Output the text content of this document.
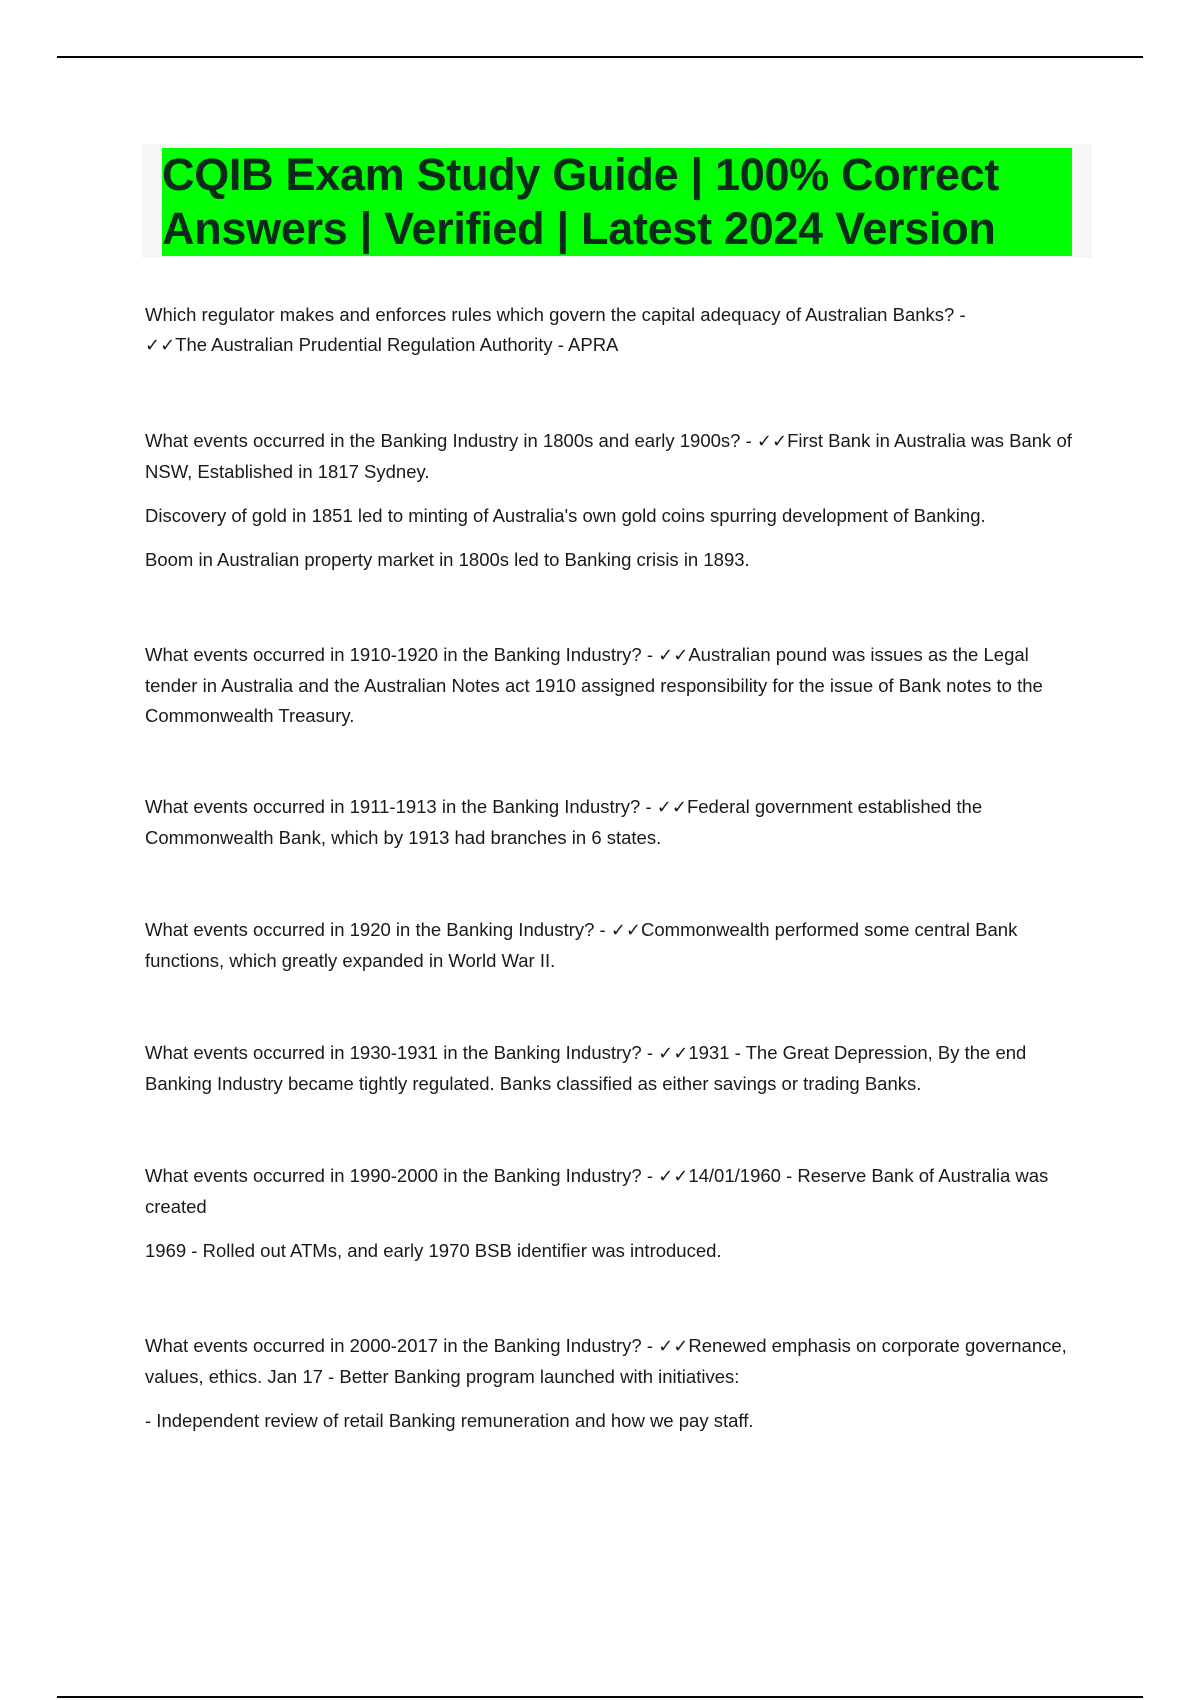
CQIB Exam Study Guide | 100% Correct
Answers | Verified | Latest 2024 Version

Which regulator makes and enforces rules which govern the capital adequacy of Australian Banks? -
✓✓The Australian Prudential Regulation Authority - APRA

What events occurred in the Banking Industry in 1800s and early 1900s? - ✓✓First Bank in Australia was Bank of NSW, Established in 1817 Sydney.

Discovery of gold in 1851 led to minting of Australia's own gold coins spurring development of Banking.

Boom in Australian property market in 1800s led to Banking crisis in 1893.

What events occurred in 1910-1920 in the Banking Industry? - ✓✓Australian pound was issues as the Legal tender in Australia and the Australian Notes act 1910 assigned responsibility for the issue of Bank notes to the Commonwealth Treasury.

What events occurred in 1911-1913 in the Banking Industry? - ✓✓Federal government established the Commonwealth Bank, which by 1913 had branches in 6 states.

What events occurred in 1920 in the Banking Industry? - ✓✓Commonwealth performed some central Bank functions, which greatly expanded in World War II.

What events occurred in 1930-1931 in the Banking Industry? - ✓✓1931 - The Great Depression, By the end Banking Industry became tightly regulated. Banks classified as either savings or trading Banks.

What events occurred in 1990-2000 in the Banking Industry? - ✓✓14/01/1960 - Reserve Bank of Australia was created

1969 - Rolled out ATMs, and early 1970 BSB identifier was introduced.

What events occurred in 2000-2017 in the Banking Industry? - ✓✓Renewed emphasis on corporate governance, values, ethics. Jan 17 - Better Banking program launched with initiatives:

- Independent review of retail Banking remuneration and how we pay staff.
